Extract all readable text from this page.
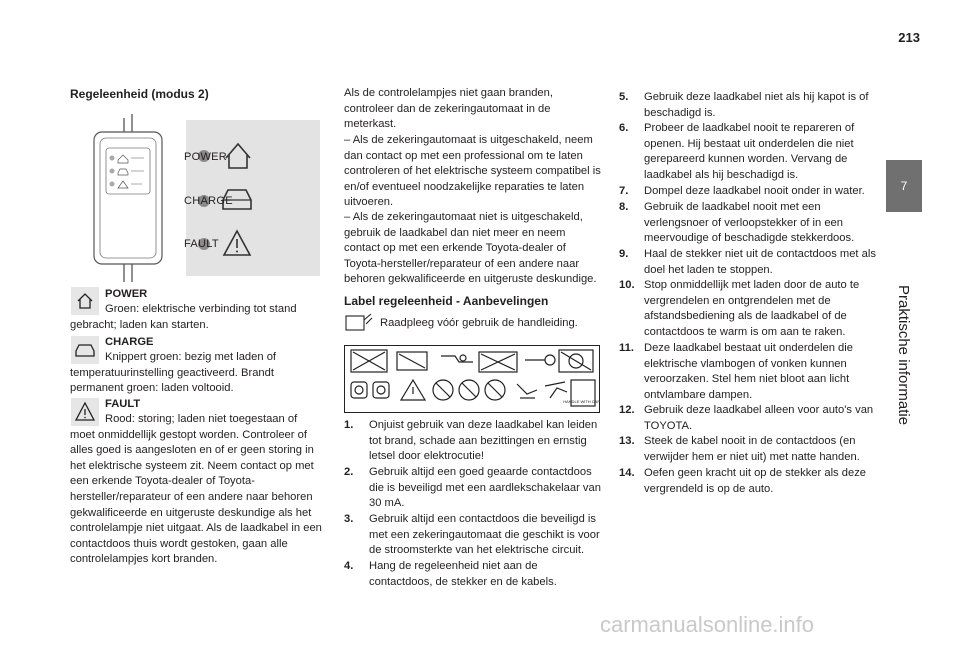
213
7
Praktische informatie
Regeleenheid (modus 2)
POWER
CHARGE
FAULT
POWER
Groen: elektrische verbinding tot stand gebracht; laden kan starten.
CHARGE
Knippert groen: bezig met laden of temperatuurinstelling geactiveerd. Brandt permanent groen: laden voltooid.
FAULT
Rood: storing; laden niet toegestaan of moet onmiddellijk gestopt worden. Controleer of alles goed is aangesloten en of er geen storing in het elektrische systeem zit. Neem contact op met een erkende Toyota-dealer of Toyota-hersteller/reparateur of een andere naar behoren gekwalificeerde en uitgeruste deskundige als het controlelampje niet uitgaat. Als de laadkabel in een contactdoos thuis wordt gestoken, gaan alle controlelampjes kort branden.
Als de controlelampjes niet gaan branden, controleer dan de zekeringautomaat in de meterkast.
– Als de zekeringautomaat is uitgeschakeld, neem dan contact op met een professional om te laten controleren of het elektrische systeem compatibel is en/of eventueel noodzakelijke reparaties te laten uitvoeren.
– Als de zekeringautomaat niet is uitgeschakeld, gebruik de laadkabel dan niet meer en neem contact op met een erkende Toyota-dealer of Toyota-hersteller/reparateur of een andere naar behoren gekwalificeerde en uitgeruste deskundige.
Label regeleenheid - Aanbevelingen
Raadpleeg vóór gebruik de handleiding.
HANDLE WITH CARE
1. Onjuist gebruik van deze laadkabel kan leiden tot brand, schade aan bezittingen en ernstig letsel door elektrocutie!
2. Gebruik altijd een goed geaarde contactdoos die is beveiligd met een aardlekschakelaar van 30 mA.
3. Gebruik altijd een contactdoos die beveiligd is met een zekeringautomaat die geschikt is voor de stroomsterkte van het elektrische circuit.
4. Hang de regeleenheid niet aan de contactdoos, de stekker en de kabels.
5. Gebruik deze laadkabel niet als hij kapot is of beschadigd is.
6. Probeer de laadkabel nooit te repareren of openen. Hij bestaat uit onderdelen die niet gerepareerd kunnen worden. Vervang de laadkabel als hij beschadigd is.
7. Dompel deze laadkabel nooit onder in water.
8. Gebruik de laadkabel nooit met een verlengsnoer of verloopstekker of in een meervoudige of beschadigde stekkerdoos.
9. Haal de stekker niet uit de contactdoos met als doel het laden te stoppen.
10. Stop onmiddellijk met laden door de auto te vergrendelen en ontgrendelen met de afstandsbediening als de laadkabel of de contactdoos te warm is om aan te raken.
11. Deze laadkabel bestaat uit onderdelen die elektrische vlambogen of vonken kunnen veroorzaken. Stel hem niet bloot aan licht ontvlambare dampen.
12. Gebruik deze laadkabel alleen voor auto's van TOYOTA.
13. Steek de kabel nooit in de contactdoos (en verwijder hem er niet uit) met natte handen.
14. Oefen geen kracht uit op de stekker als deze vergrendeld is op de auto.
carmanualsonline.info
